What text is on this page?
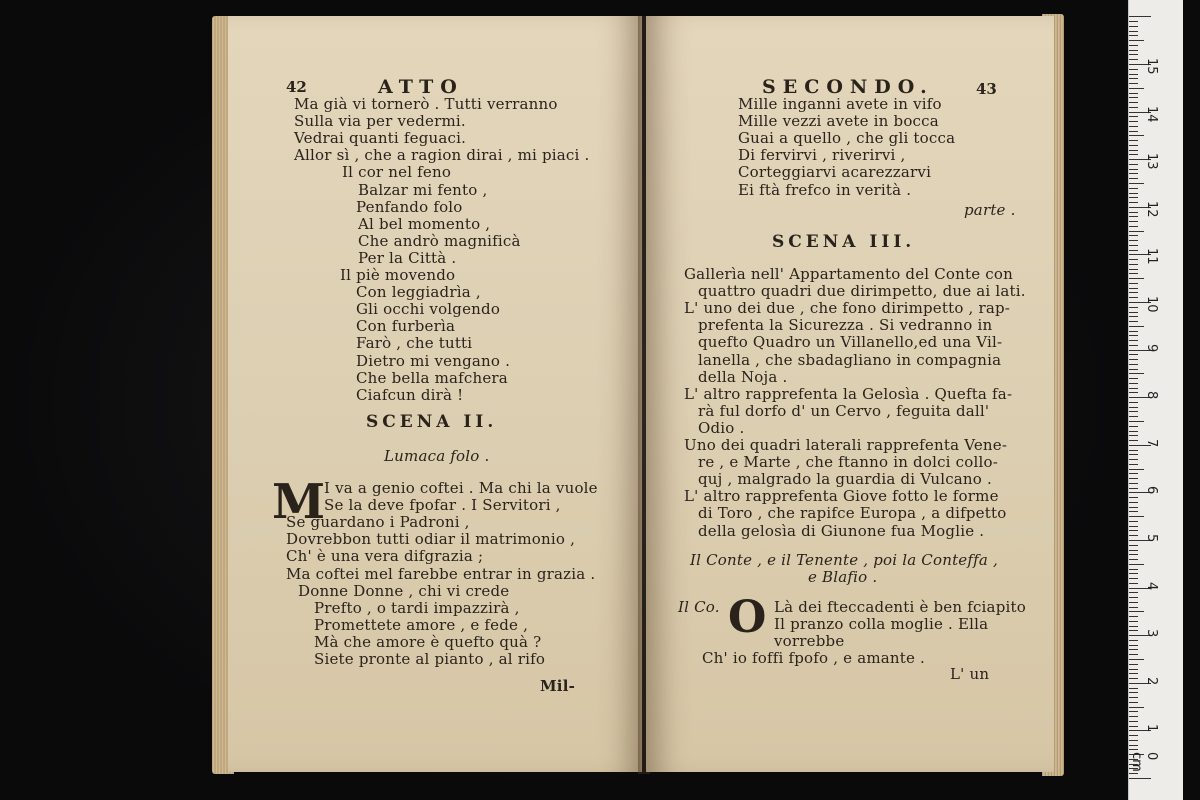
42	ATTO
Ma già vi tornerò . Tutti verranno
Sulla via per vedermi.
Vedrai quanti feguaci.
Allor sì , che a ragion dirai , mi piaci .
Il cor nel feno
Balzar mi fento ,
Penfando folo
Al bel momento ,
Che andrò magnificà
Per la Città .
Il piè movendo
Con leggiadrìa ,
Gli occhi volgendo
Con furberìa
Farò , che tutti
Dietro mi vengano .
Che bella mafchera
Ciafcun dirà !
SCENA II.
Lumaca folo .
M
I va a genio coftei . Ma chi la vuole
Se la deve fpofar . I Servitori ,
Se guardano i Padroni ,
Dovrebbon tutti odiar il matrimonio ,
Ch' è una vera difgrazia ;
Ma coftei mel farebbe entrar in grazia .
Donne Donne , chi vi crede
Prefto , o tardi impazzirà ,
Promettete amore , e fede ,
Mà che amore è quefto quà ?
Siete pronte al pianto , al rifo
Mil-
SECONDO.	43
Mille inganni avete in vifo
Mille vezzi avete in bocca
Guai a quello , che gli tocca
Di fervirvi , riverirvi ,
Corteggiarvi acarezzarvi
Ei ftà frefco in verità .
parte .
SCENA III.
Gallerìa nell' Appartamento del Conte con
quattro quadri due dirimpetto, due ai lati.
L' uno dei due , che fono dirimpetto , rap-
prefenta la Sicurezza . Si vedranno in
quefto Quadro un Villanello,ed una Vil-
lanella , che sbadagliano in compagnia
della Noja .
L' altro rapprefenta la Gelosìa . Quefta fa-
rà ful dorfo d' un Cervo , feguita dall'
Odio .
Uno dei quadri laterali rapprefenta Vene-
re , e Marte , che ftanno in dolci collo-
quj , malgrado la guardia di Vulcano .
L' altro rapprefenta Giove fotto le forme
di Toro , che rapifce Europa , a difpetto
della gelosìa di Giunone fua Moglie .
Il Conte , e il Tenente , poi la Conteffa ,
e Blafio .
Il Co. O Là dei fteccadenti è ben fciapito
Il pranzo colla moglie . Ella
vorrebbe
Ch' io foffi fpofo , e amante .
L' un
1
2
3
4
5
6
7
8
9
10
11
12
13
14
15
0 cm
